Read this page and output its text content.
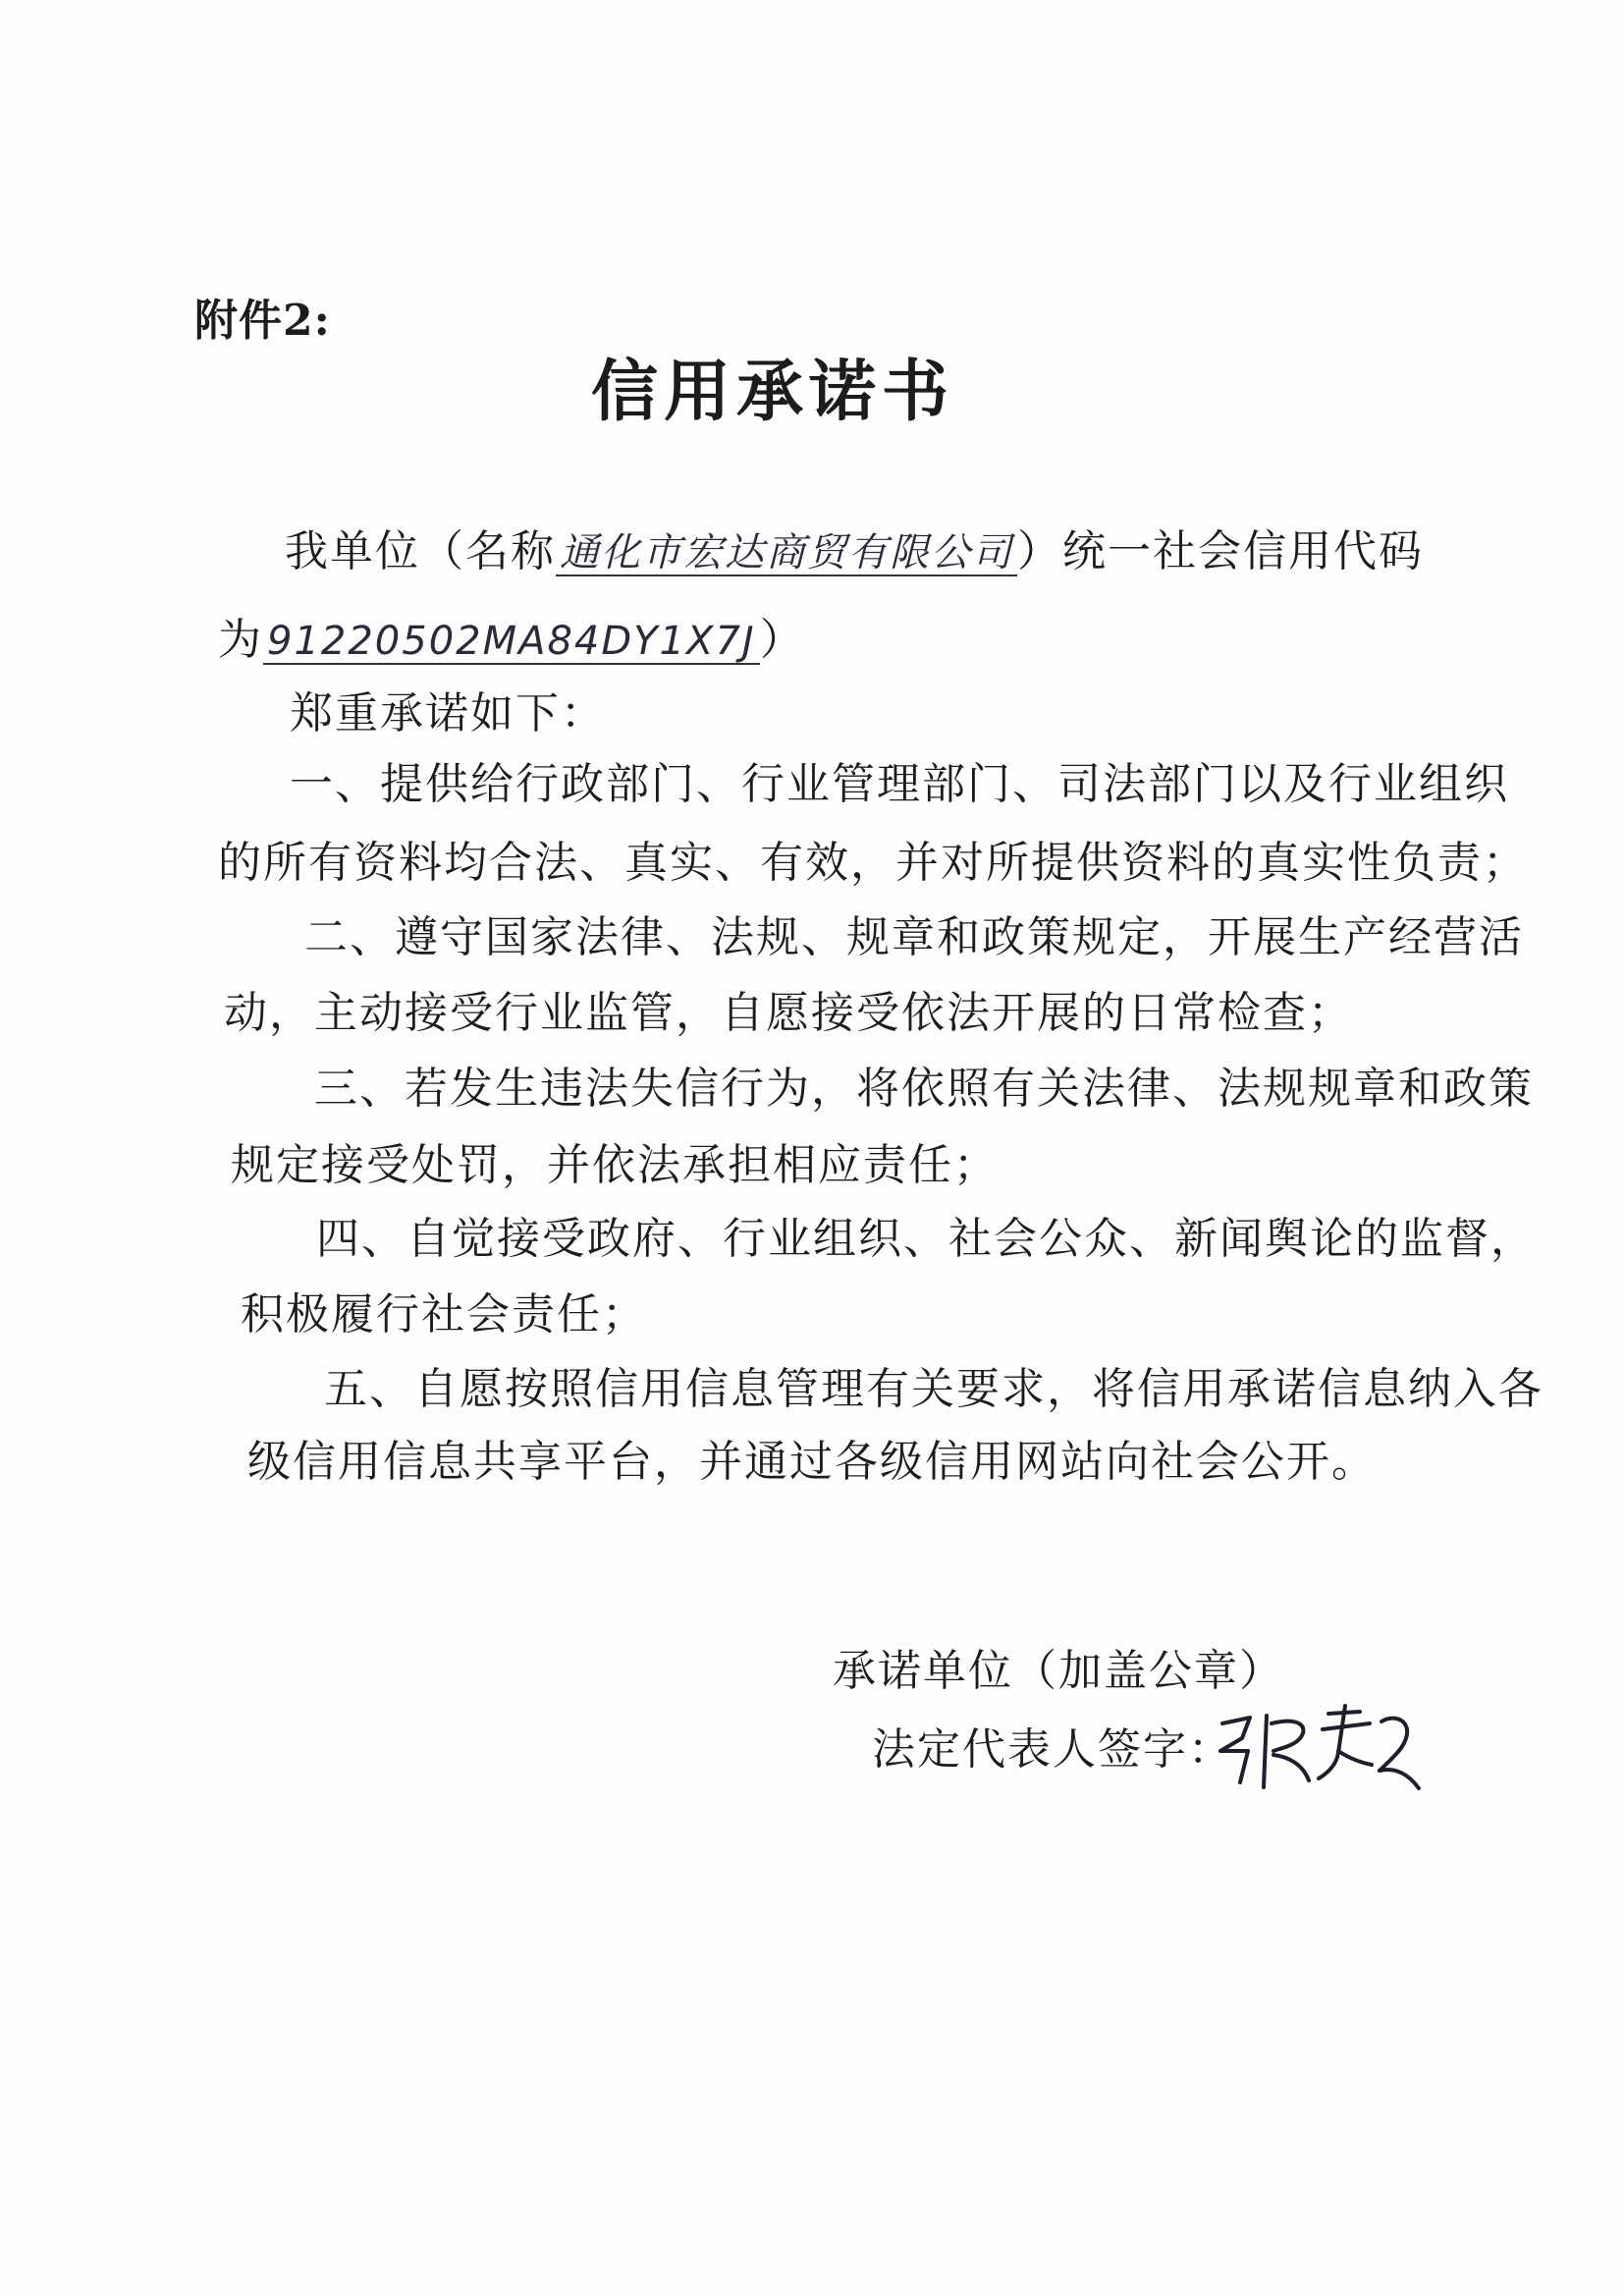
附件2:
信用承诺书
我单位（名称 通化市宏达商贸有限公司）统一社会信用代码
为 91220502MA84DY1X7J）
郑重承诺如下：
一、提供给行政部门、行业管理部门、司法部门以及行业组织
的所有资料均合法、真实、有效，并对所提供资料的真实性负责；
二、遵守国家法律、法规、规章和政策规定，开展生产经营活
动，主动接受行业监管，自愿接受依法开展的日常检查；
三、若发生违法失信行为，将依照有关法律、法规规章和政策
规定接受处罚，并依法承担相应责任；
四、自觉接受政府、行业组织、社会公众、新闻舆论的监督，
积极履行社会责任；
五、自愿按照信用信息管理有关要求，将信用承诺信息纳入各
级信用信息共享平台，并通过各级信用网站向社会公开。
承诺单位（加盖公章）
法定代表人签字：
